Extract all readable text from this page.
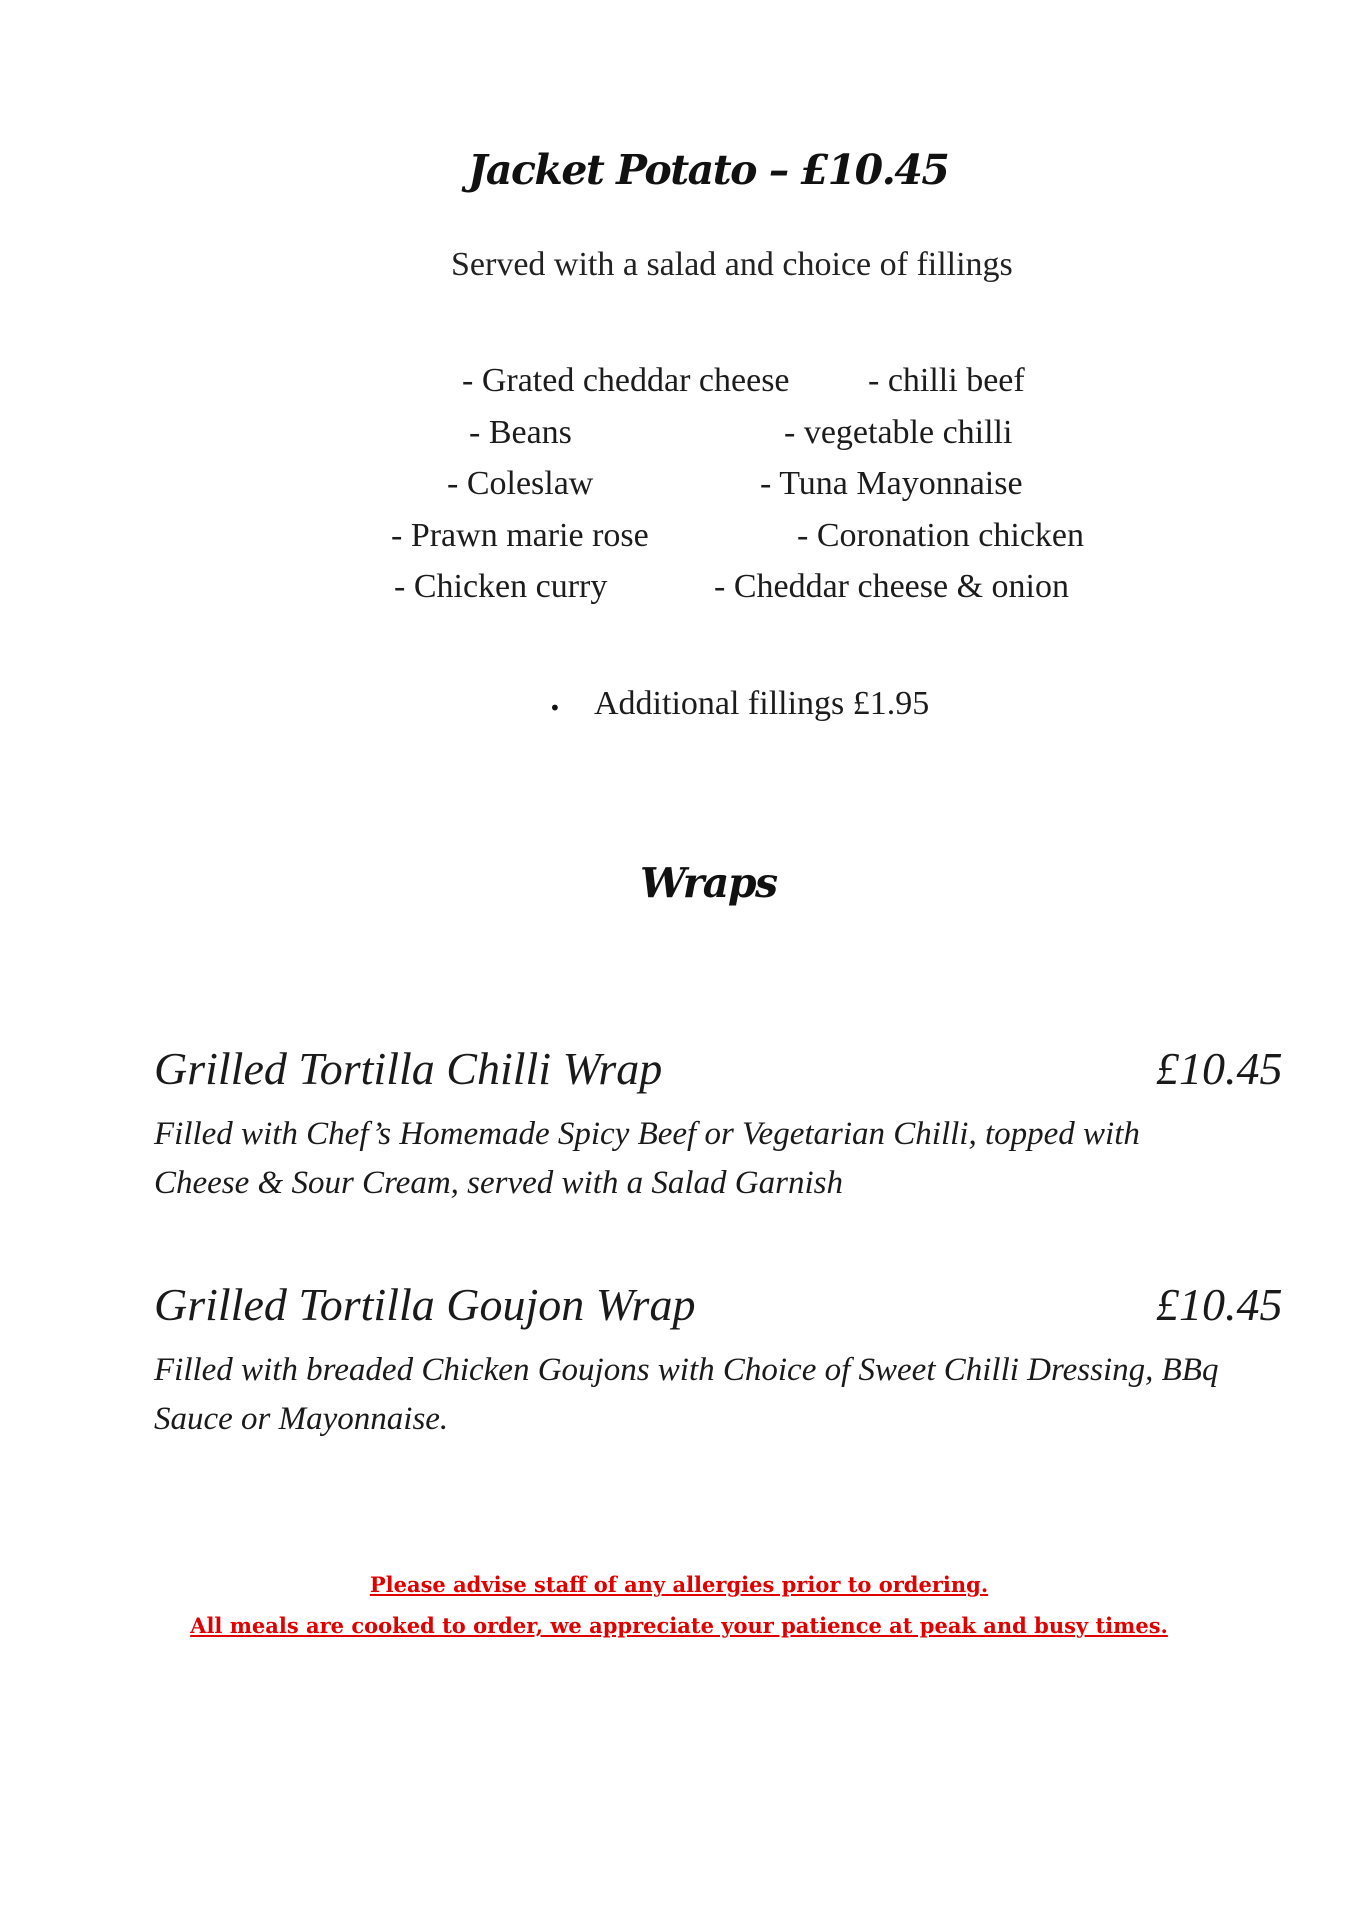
Jacket Potato – £10.45
Served with a salad and choice of fillings
- Grated cheddar cheese
- Beans
- Coleslaw
- Prawn marie rose
- Chicken curry
- chilli beef
- vegetable chilli
- Tuna Mayonnaise
- Coronation chicken
- Cheddar cheese & onion
• Additional fillings £1.95
Wraps
Grilled Tortilla Chilli Wrap	£10.45
Filled with Chef’s Homemade Spicy Beef or Vegetarian Chilli, topped with Cheese & Sour Cream, served with a Salad Garnish
Grilled Tortilla Goujon Wrap	£10.45
Filled with breaded Chicken Goujons with Choice of Sweet Chilli Dressing, BBq Sauce or Mayonnaise.
Please advise staff of any allergies prior to ordering.
All meals are cooked to order, we appreciate your patience at peak and busy times.
